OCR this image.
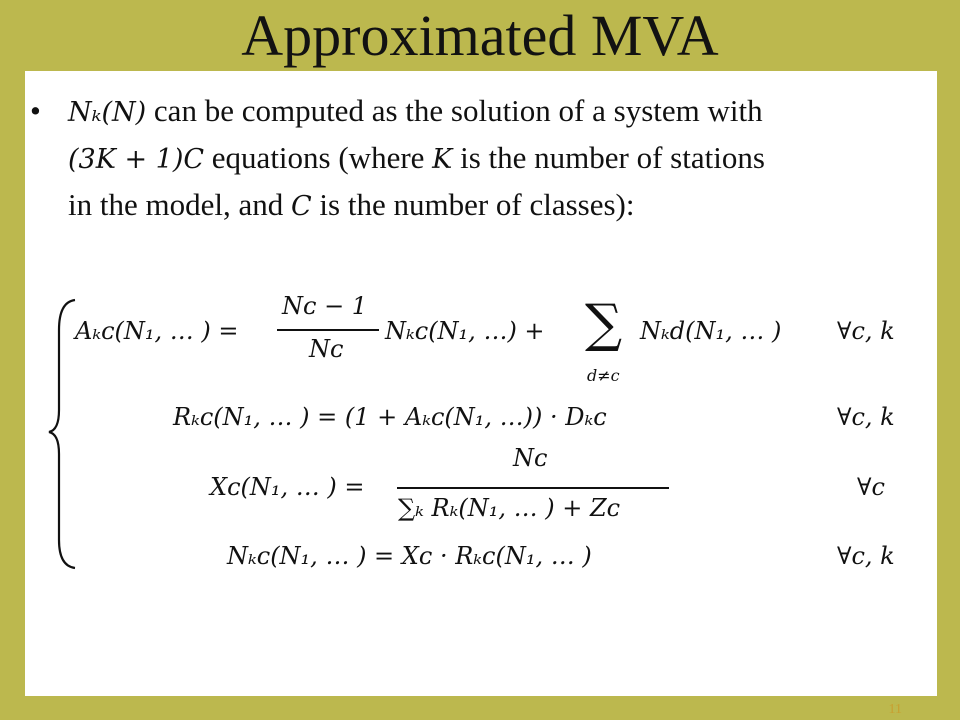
Approximated MVA
•	Nₖ(N) can be computed as the solution of a system with
(3K + 1)C equations (where K is the number of stations
in the model, and C is the number of classes):
Aₖᴄ(N₁, … ) =
Nᴄ − 1
Nᴄ
Nₖᴄ(N₁, …) + ∑
d≠c
Nₖd(N₁, … ) ∀c, k
Rₖᴄ(N₁, … ) = (1 + Aₖᴄ(N₁, …)) · Dₖᴄ	∀c, k
Xᴄ(N₁, … ) =
Nᴄ
∑ₖ Rₖ(N₁, … ) + Zᴄ
∀c
Nₖᴄ(N₁, … ) = Xᴄ · Rₖᴄ(N₁, … )	∀c, k
11
